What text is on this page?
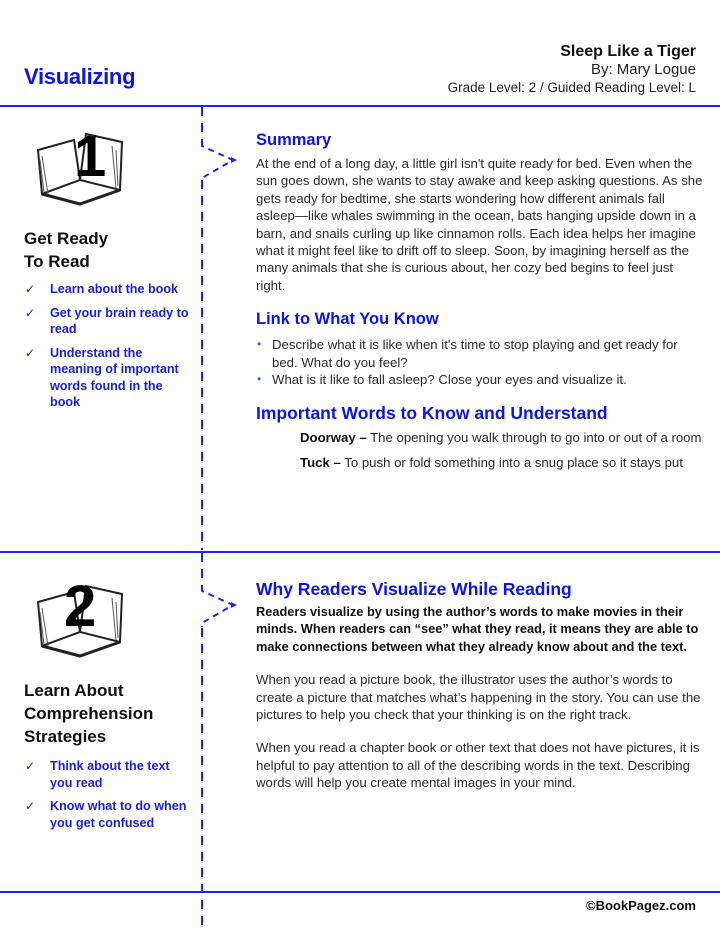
Visualizing
Sleep Like a Tiger
By: Mary Logue
Grade Level: 2 / Guided Reading Level: L
1
Get Ready
To Read
✓ Learn about the book
✓ Get your brain ready to read
✓ Understand the meaning of important words found in the book
Summary

At the end of a long day, a little girl isn't quite ready for bed. Even when the sun goes down, she wants to stay awake and keep asking questions. As she gets ready for bedtime, she starts wondering how different animals fall asleep—like whales swimming in the ocean, bats hanging upside down in a barn, and snails curling up like cinnamon rolls. Each idea helps her imagine what it might feel like to drift off to sleep. Soon, by imagining herself as the many animals that she is curious about, her cozy bed begins to feel just right.

Link to What You Know
• Describe what it is like when it's time to stop playing and get ready for bed. What do you feel?
• What is it like to fall asleep? Close your eyes and visualize it.
Important Words to Know and Understand

Doorway – The opening you walk through to go into or out of a room

Tuck – To push or fold something into a snug place so it stays put

2
Learn About
Comprehension
Strategies
✓ Think about the text you read
✓ Know what to do when you get confused
Why Readers Visualize While Reading

Readers visualize by using the author’s words to make movies in their minds. When readers can “see” what they read, it means they are able to make connections between what they already know about and the text.

When you read a picture book, the illustrator uses the author’s words to create a picture that matches what’s happening in the story. You can use the pictures to help you check that your thinking is on the right track.

When you read a chapter book or other text that does not have pictures, it is helpful to pay attention to all of the describing words in the text. Describing words will help you create mental images in your mind.

©BookPagez.com
